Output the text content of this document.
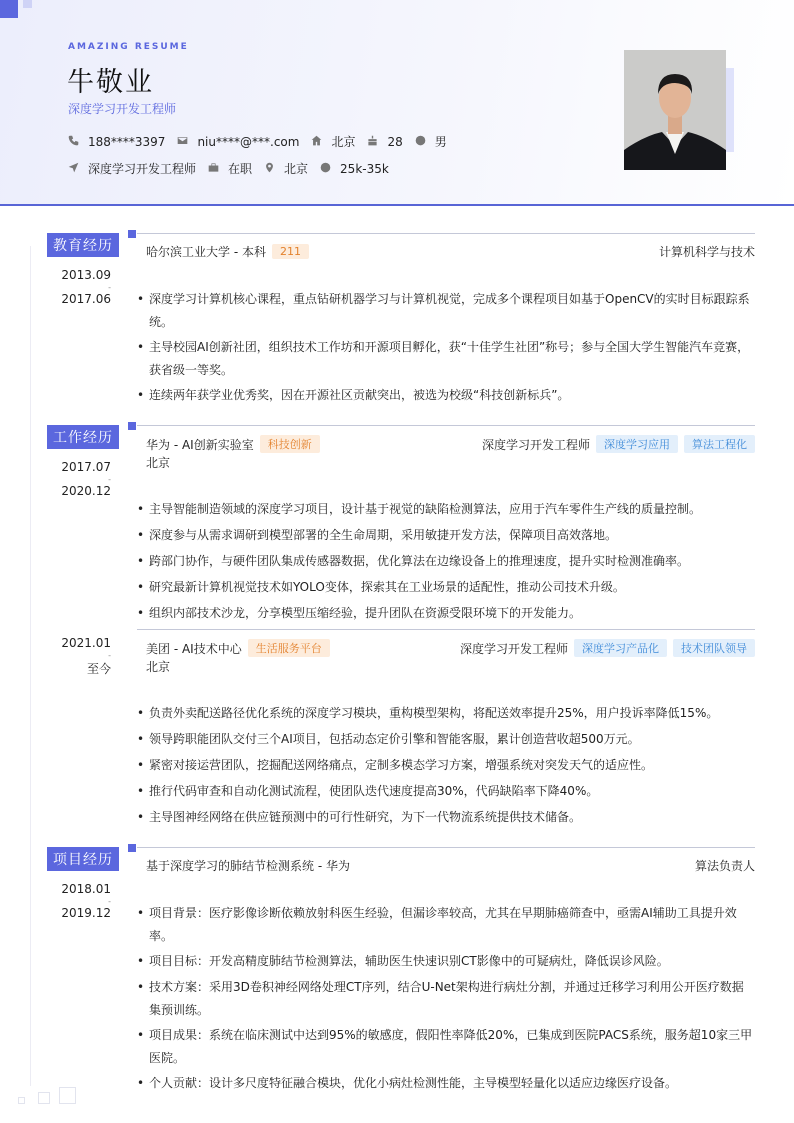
AMAZING RESUME
牛敬业
深度学习开发工程师
188****3397	niu****@***.com	北京	28	男
深度学习开发工程师	在职	北京	25k-35k
教育经历
2013.09
-
2017.06
哈尔滨工业大学 - 本科	211	计算机科学与技术
• 深度学习计算机核心课程，重点钻研机器学习与计算机视觉，完成多个课程项目如基于OpenCV的实时目标跟踪系统。
• 主导校园AI创新社团，组织技术工作坊和开源项目孵化，获“十佳学生社团”称号；参与全国大学生智能汽车竞赛，获省级一等奖。
• 连续两年获学业优秀奖，因在开源社区贡献突出，被选为校级“科技创新标兵”。
工作经历
2017.07
-
2020.12
华为 - AI创新实验室	科技创新	深度学习开发工程师	深度学习应用	算法工程化
北京
• 主导智能制造领域的深度学习项目，设计基于视觉的缺陷检测算法，应用于汽车零件生产线的质量控制。
• 深度参与从需求调研到模型部署的全生命周期，采用敏捷开发方法，保障项目高效落地。
• 跨部门协作，与硬件团队集成传感器数据，优化算法在边缘设备上的推理速度，提升实时检测准确率。
• 研究最新计算机视觉技术如YOLO变体，探索其在工业场景的适配性，推动公司技术升级。
• 组织内部技术沙龙，分享模型压缩经验，提升团队在资源受限环境下的开发能力。
2021.01
-
至今
美团 - AI技术中心	生活服务平台	深度学习开发工程师	深度学习产品化	技术团队领导
北京
• 负责外卖配送路径优化系统的深度学习模块，重构模型架构，将配送效率提升25%，用户投诉率降低15%。
• 领导跨职能团队交付三个AI项目，包括动态定价引擎和智能客服，累计创造营收超500万元。
• 紧密对接运营团队，挖掘配送网络痛点，定制多模态学习方案，增强系统对突发天气的适应性。
• 推行代码审查和自动化测试流程，使团队迭代速度提高30%，代码缺陷率下降40%。
• 主导图神经网络在供应链预测中的可行性研究，为下一代物流系统提供技术储备。
项目经历
2018.01
-
2019.12
基于深度学习的肺结节检测系统 - 华为	算法负责人
• 项目背景：医疗影像诊断依赖放射科医生经验，但漏诊率较高，尤其在早期肺癌筛查中，亟需AI辅助工具提升效率。
• 项目目标：开发高精度肺结节检测算法，辅助医生快速识别CT影像中的可疑病灶，降低误诊风险。
• 技术方案：采用3D卷积神经网络处理CT序列，结合U-Net架构进行病灶分割，并通过迁移学习利用公开医疗数据集预训练。
• 项目成果：系统在临床测试中达到95%的敏感度，假阳性率降低20%，已集成到医院PACS系统，服务超10家三甲医院。
• 个人贡献：设计多尺度特征融合模块，优化小病灶检测性能，主导模型轻量化以适应边缘医疗设备。
